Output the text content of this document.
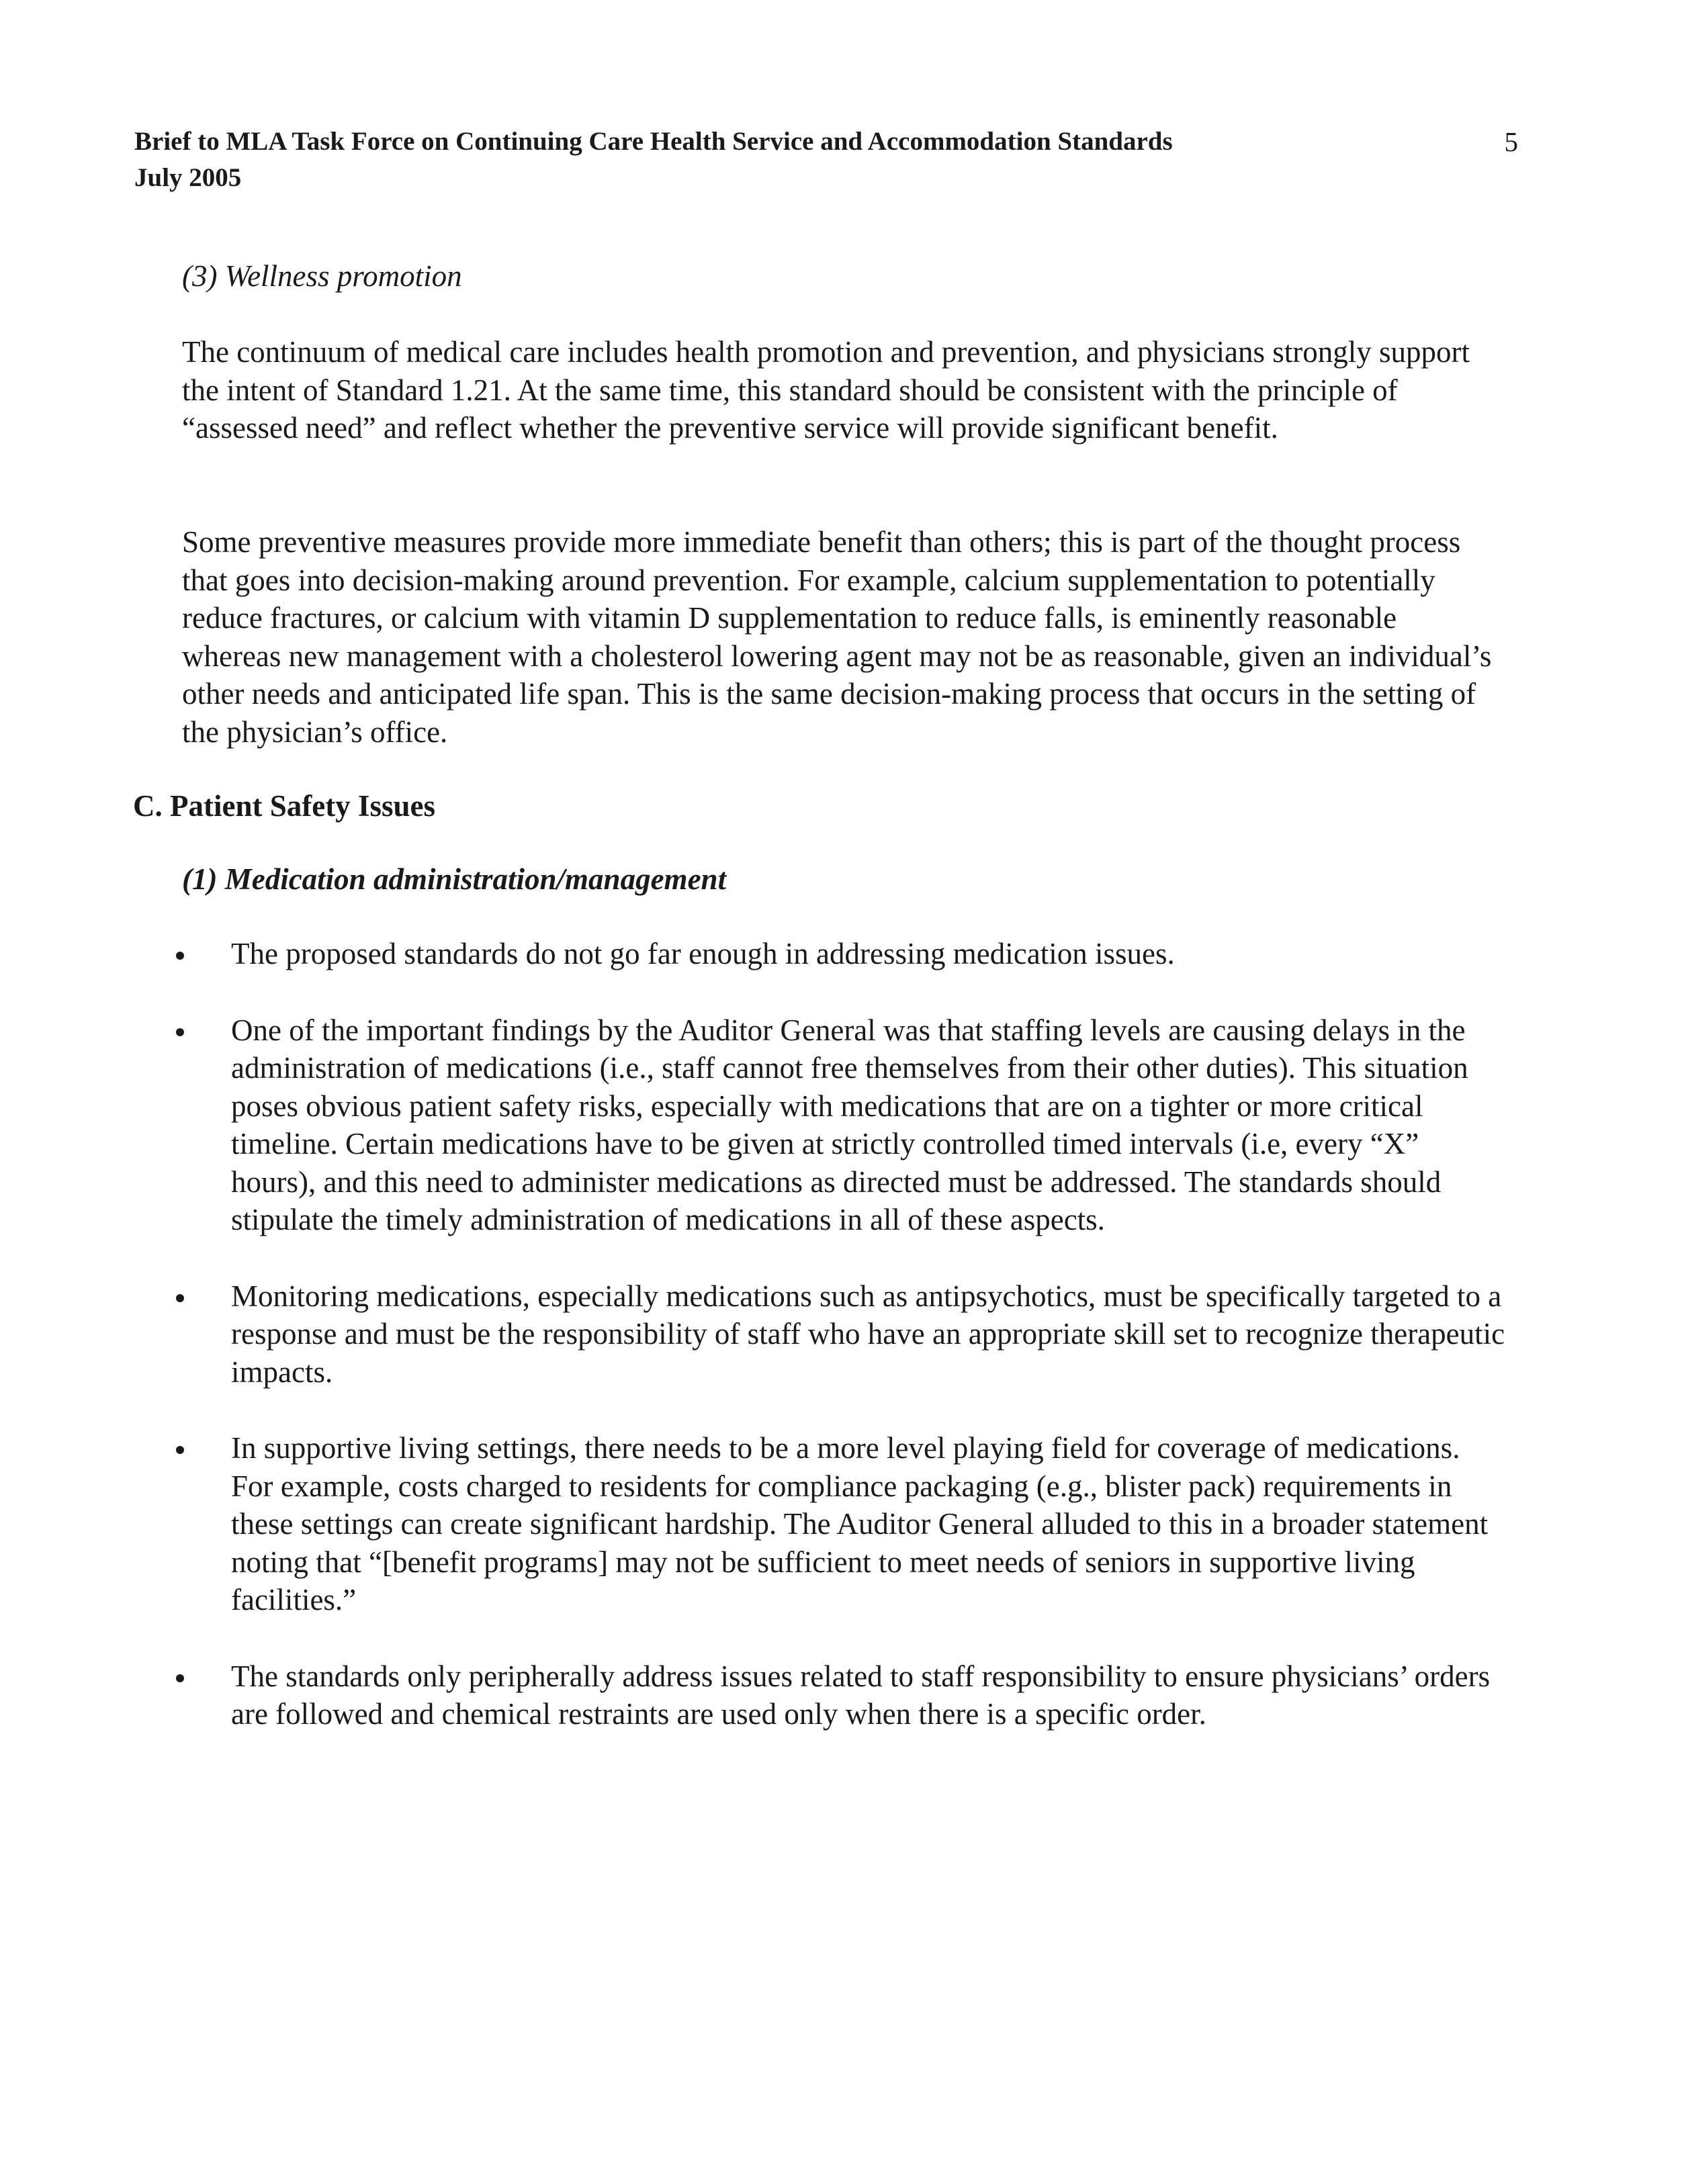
Brief to MLA Task Force on Continuing Care Health Service and Accommodation Standards
July 2005
5
(3) Wellness promotion
The continuum of medical care includes health promotion and prevention, and physicians strongly support the intent of Standard 1.21. At the same time, this standard should be consistent with the principle of “assessed need” and reflect whether the preventive service will provide significant benefit.
Some preventive measures provide more immediate benefit than others; this is part of the thought process that goes into decision-making around prevention. For example, calcium supplementation to potentially reduce fractures, or calcium with vitamin D supplementation to reduce falls, is eminently reasonable whereas new management with a cholesterol lowering agent may not be as reasonable, given an individual’s other needs and anticipated life span. This is the same decision-making process that occurs in the setting of the physician’s office.
C. Patient Safety Issues
(1) Medication administration/management
The proposed standards do not go far enough in addressing medication issues.
One of the important findings by the Auditor General was that staffing levels are causing delays in the administration of medications (i.e., staff cannot free themselves from their other duties). This situation poses obvious patient safety risks, especially with medications that are on a tighter or more critical timeline. Certain medications have to be given at strictly controlled timed intervals (i.e, every “X” hours), and this need to administer medications as directed must be addressed. The standards should stipulate the timely administration of medications in all of these aspects.
Monitoring medications, especially medications such as antipsychotics, must be specifically targeted to a response and must be the responsibility of staff who have an appropriate skill set to recognize therapeutic impacts.
In supportive living settings, there needs to be a more level playing field for coverage of medications. For example, costs charged to residents for compliance packaging (e.g., blister pack) requirements in these settings can create significant hardship. The Auditor General alluded to this in a broader statement noting that “[benefit programs] may not be sufficient to meet needs of seniors in supportive living facilities.”
The standards only peripherally address issues related to staff responsibility to ensure physicians’ orders are followed and chemical restraints are used only when there is a specific order.
